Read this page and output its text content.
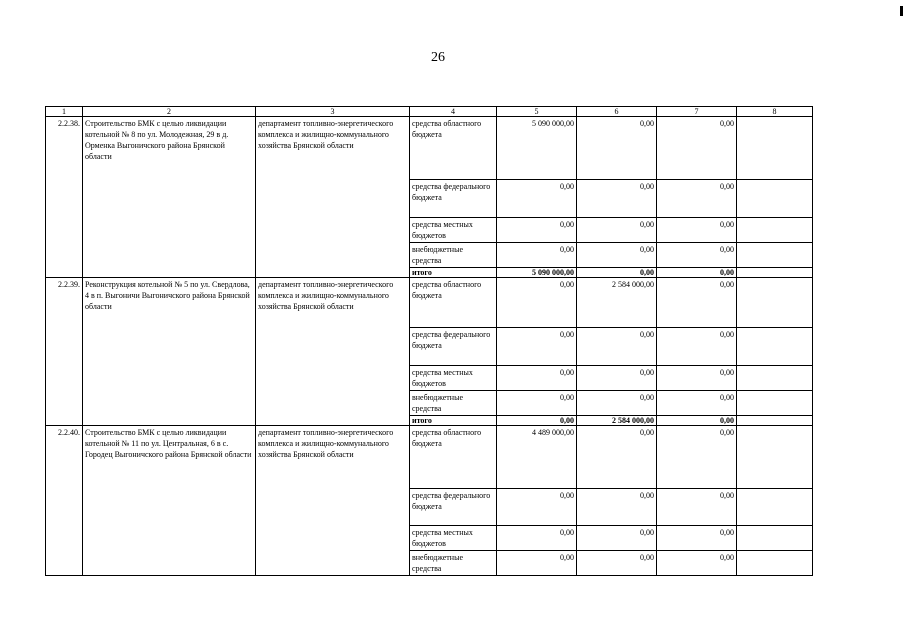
26
1	2	3	4	5	6	7	8
2.2.38.	Строительство БМК с целью ликвидации котельной № 8 по ул. Молодежная, 29 в д. Орменка Выгоничского района Брянской области	департамент топливно-энергетического комплекса и жилищно-коммунального хозяйства Брянской области	средства областного бюджета	5 090 000,00	0,00	0,00	
			средства федерального бюджета	0,00	0,00	0,00	
			средства местных бюджетов	0,00	0,00	0,00	
			внебюджетные средства	0,00	0,00	0,00	
			итого	5 090 000,00	0,00	0,00	
2.2.39.	Реконструкция котельной № 5 по ул. Свердлова, 4 в п. Выгоничи Выгоничского района Брянской области	департамент топливно-энергетического комплекса и жилищно-коммунального хозяйства Брянской области	средства областного бюджета	0,00	2 584 000,00	0,00	
			средства федерального бюджета	0,00	0,00	0,00	
			средства местных бюджетов	0,00	0,00	0,00	
			внебюджетные средства	0,00	0,00	0,00	
			итого	0,00	2 584 000,00	0,00	
2.2.40.	Строительство БМК с целью ликвидации котельной № 11 по ул. Центральная, 6 в с. Городец Выгоничского района Брянской области	департамент топливно-энергетического комплекса и жилищно-коммунального хозяйства Брянской области	средства областного бюджета	4 489 000,00	0,00	0,00	
			средства федерального бюджета	0,00	0,00	0,00	
			средства местных бюджетов	0,00	0,00	0,00	
			внебюджетные средства	0,00	0,00	0,00	
